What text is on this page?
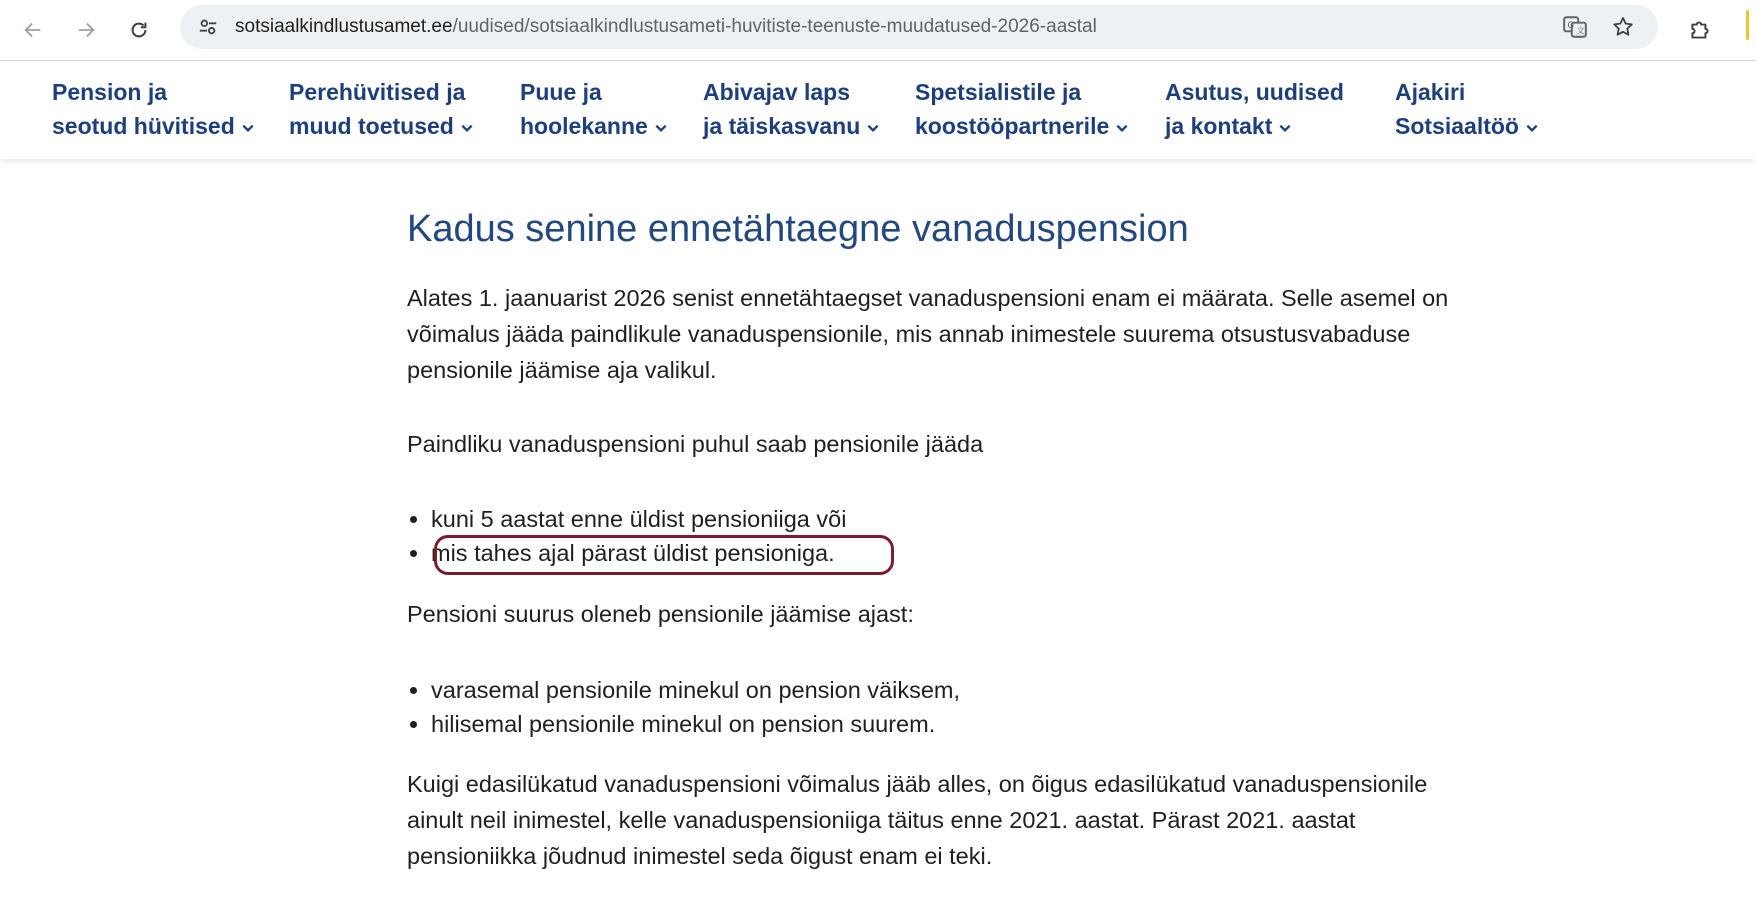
sotsiaalkindlustusamet.ee/uudised/sotsiaalkindlustusameti-huvitiste-teenuste-muudatused-2026-aastal	G
文
Pension ja
seotud hüvitised
Perehüvitised ja
muud toetused
Puue ja
hoolekanne
Abivajav laps
ja täiskasvanu
Spetsialistile ja
koostööpartnerile
Asutus, uudised
ja kontakt
Ajakiri
Sotsiaaltöö
Kadus senine ennetähtaegne vanaduspension

Alates 1. jaanuarist 2026 senist ennetähtaegset vanaduspensioni enam ei määrata. Selle asemel on võimalus jääda paindlikule vanaduspensionile, mis annab inimestele suurema otsustusvabaduse pensionile jäämise aja valikul.

Paindliku vanaduspensioni puhul saab pensionile jääda

• kuni 5 aastat enne üldist pensioniiga või
• mis tahes ajal pärast üldist pensioniga.

Pensioni suurus oleneb pensionile jäämise ajast:

• varasemal pensionile minekul on pension väiksem,
• hilisemal pensionile minekul on pension suurem.

Kuigi edasilükatud vanaduspensioni võimalus jääb alles, on õigus edasilükatud vanaduspensionile ainult neil inimestel, kelle vanaduspensioniiga täitus enne 2021. aastat. Pärast 2021. aastat pensioniikka jõudnud inimestel seda õigust enam ei teki.
